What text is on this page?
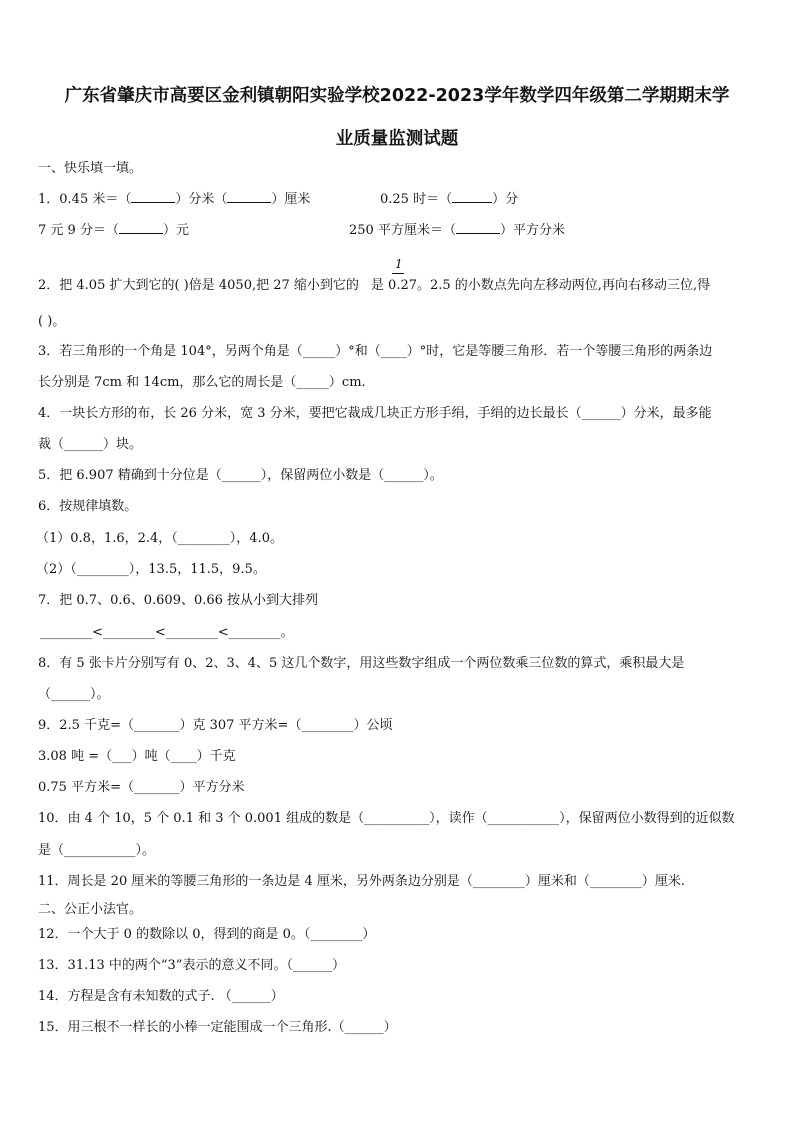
广东省肇庆市高要区金利镇朝阳实验学校2022-2023学年数学四年级第二学期期末学
业质量监测试题
一、快乐填一填。
1．0.45 米＝（	）分米（	）厘米	0.25 时＝（	）分
7 元 9 分＝（	）元	250 平方厘米＝（	）平方分米
1
2．把 4.05 扩大到它的( )倍是 4050,把 27 缩小到它的 是 0.27。2.5 的小数点先向左移动两位,再向右移动三位,得
( )。
3．若三角形的一个角是 104°，另两个角是（_____）°和（____）°时，它是等腰三角形．若一个等腰三角形的两条边
长分别是 7cm 和 14cm，那么它的周长是（_____）cm.
4．一块长方形的布，长 26 分米，宽 3 分米，要把它裁成几块正方形手绢，手绢的边长最长（______）分米，最多能
裁（______）块。
5．把 6.907 精确到十分位是（______），保留两位小数是（______）。
6．按规律填数。
（1）0.8，1.6，2.4，（________），4.0。
（2）（________），13.5，11.5，9.5。
7．把 0.7、0.6、0.609、0.66 按从小到大排列
________<________<________<________。
8．有 5 张卡片分别写有 0、2、3、4、5 这几个数字，用这些数字组成一个两位数乘三位数的算式，乘积最大是
（______）。
9．2.5 千克=（_______）克 307 平方米=（________）公顷
3.08 吨 =（___）吨（____）千克
0.75 平方米=（_______）平方分米
10．由 4 个 10，5 个 0.1 和 3 个 0.001 组成的数是（__________），读作（___________），保留两位小数得到的近似数
是（___________）。
11．周长是 20 厘米的等腰三角形的一条边是 4 厘米，另外两条边分别是（________）厘米和（________）厘米.
二、公正小法官。
12．一个大于 0 的数除以 0，得到的商是 0。（________）
13．31.13 中的两个“3”表示的意义不同。（______）
14．方程是含有未知数的式子. （______）
15．用三根不一样长的小棒一定能围成一个三角形.（______）
